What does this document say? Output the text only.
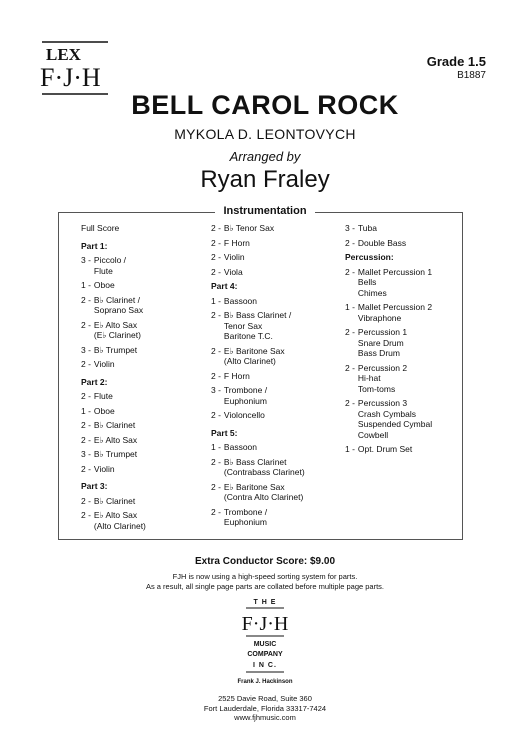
LEX
F·J·H
Grade 1.5
B1887
BELL CAROL ROCK
MYKOLA D. LEONTOVYCH
Arranged by
Ryan Fraley
Full Score
Part 1:
3 - Piccolo /
Flute
1 - Oboe
2 - B♭ Clarinet /
Soprano Sax
2 - E♭ Alto Sax
(E♭ Clarinet)
3 - B♭ Trumpet
2 - Violin
Part 2:
2 - Flute
1 - Oboe
2 - B♭ Clarinet
2 - E♭ Alto Sax
3 - B♭ Trumpet
2 - Violin
Part 3:
2 - B♭ Clarinet
2 - E♭ Alto Sax
(Alto Clarinet)
2 - B♭ Tenor Sax
2 - F Horn
2 - Violin
2 - Viola
Part 4:
1 - Bassoon
2 - B♭ Bass Clarinet /
Tenor Sax
Baritone T.C.
2 - E♭ Baritone Sax
(Alto Clarinet)
2 - F Horn
3 - Trombone /
Euphonium
2 - Violoncello
Part 5:
1 - Bassoon
2 - B♭ Bass Clarinet
(Contrabass Clarinet)
2 - E♭ Baritone Sax
(Contra Alto Clarinet)
2 - Trombone /
Euphonium
3 - Tuba
2 - Double Bass
Percussion:
2 - Mallet Percussion 1
Bells
Chimes
1 - Mallet Percussion 2
Vibraphone
2 - Percussion 1
Snare Drum
Bass Drum
2 - Percussion 2
Hi-hat
Tom-toms
2 - Percussion 3
Crash Cymbals
Suspended Cymbal
Cowbell
1 - Opt. Drum Set
Instrumentation
Extra Conductor Score: $9.00
FJH is now using a high-speed sorting system for parts.
As a result, all single page parts are collated before multiple page parts.
T H E
F·J·H
MUSIC
COMPANY
I N C.
Frank J. Hackinson
2525 Davie Road, Suite 360
Fort Lauderdale, Florida 33317-7424
www.fjhmusic.com
